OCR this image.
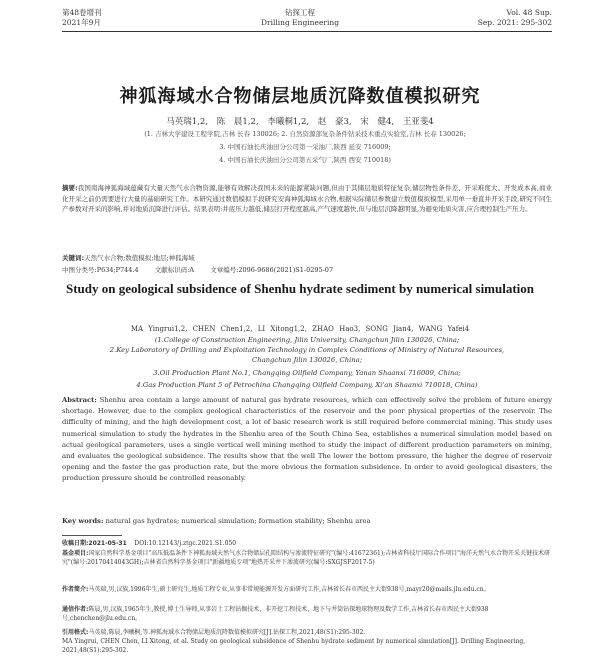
第48卷增刊
2021年9月
钻探工程
Drilling Engineering
Vol. 48 Sup.
Sep. 2021: 295-302
神狐海域水合物储层地质沉降数值模拟研究
马英瑞1,2, 陈 晨1,2, 李曦桐1,2, 赵 豪3, 宋 健4, 王亚斐4
(1. 吉林大学建设工程学院,吉林 长春 130026; 2. 自然资源部复杂条件钻采技术重点实验室,吉林 长春 130026;
3. 中国石油长庆油田分公司第一采油厂,陕西 延安 716009;
4. 中国石油长庆油田分公司第五采气厂,陕西 西安 710018)
摘要:我国南海神狐海域蕴藏有大量天然气水合物资源,能够有效解决我国未来的能源紧缺问题,但由于其储层地质特征复杂,储层物性条件差、开采难度大、开发成本高,商业化开采之前仍需要进行大量的基础研究工作。本研究通过数值模拟手段研究安海神狐海域水合物,根据实际储层参数建立数值模拟模型,采用单一垂直井开采手段,研究不同生产参数对开采的影响,并对地质沉降进行评估。结果表明:井底压力越低,储层打开程度越高,产气速度越快,但与地层沉降越明显,为避免地质灾害,应合理控制生产压力。
关键词:天然气水合物;数值模拟;地层;神狐海域
中图分类号:P634;P744.4 文献标识码:A 文章编号:2096-9686(2021)S1-0295-07
Study on geological subsidence of Shenhu hydrate sediment by numerical simulation
MA Yingrui1,2, CHEN Chen1,2, LI Xitong1,2, ZHAO Hao3, SONG Jian4, WANG Yafei4
(1.College of Construction Engineering, Jilin University, Changchun Jilin 130026, China;
2.Key Laboratory of Drilling and Exploitation Technology in Complex Conditions of Ministry of Natural Resources,
Changchun Jilin 130026, China;
3.Oil Production Plant No.1, Changqing Oilfield Company, Yanan Shaanxi 716009, China;
4.Gas Production Plant 5 of Petrochina Changqing Oilfield Company, Xi'an Shaanxi 710018, China)
Abstract: Shenhu area contain a large amount of natural gas hydrate resources, which can effectively solve the problem of future energy shortage. However, due to the complex geological characteristics of the reservoir and the poor physical properties of the reservoir. The difficulty of mining, and the high development cost, a lot of basic research work is still required before commercial mining. This study uses numerical simulation to study the hydrates in the Shenhu area of the South China Sea, establishes a numerical simulation model based on actual geological parameters, uses a single vertical well mining method to study the impact of different production parameters on mining, and evaluates the geological subsidence. The results show that the well The lower the bottom pressure, the higher the degree of reservoir opening and the faster the gas production rate, but the more obvious the formation subsidence. In order to avoid geological disasters, the production pressure should be controlled reasonably.
Key words: natural gas hydrates; numerical simulation; formation stability; Shenhu area
收稿日期:2021-05-31 DOI:10.12143/j.ztgc.2021.S1.050
基金项目:国家自然科学基金项目"高压低温条件下神狐海域天然气水合物储层孔隙结构与渗流特征研究"(编号:41672361);吉林省科技厅国际合作项目"海洋天然气水合物开采关键技术研究"(编号:20170414043GH);吉林省自然科学基金项目"新疆地质专项"地热开采井下渗流研究(编号:SXGJSF2017-5)
作者简介:马英瑞,男,汉族,1996年生,硕士研究生,地质工程专业,从事非常规能源开发方面研究工作,吉林省长春市西民主大街938号,mayr20@mails.jlu.edu.cn。
通信作者:陈晨,男,汉族,1965年生,教授,博士生导师,从事岩土工程钻掘技术、非开挖工程技术、地下与井筒钻探地球物理及数学工作,吉林省长春市西民主大街938号,chenchen@jlu.edu.cn。
引用格式:马英瑞,陈晨,李曦桐,等.神狐海域水合物储层地质沉降数值模拟研究[J].钻探工程,2021,48(S1):295-302.
MA Yingrui, CHEN Chen, LI Xitong, et al. Study on geological subsidence of Shenhu hydrate sediment by numerical simulation[J]. Drilling Engineering, 2021,48(S1):295-302.
